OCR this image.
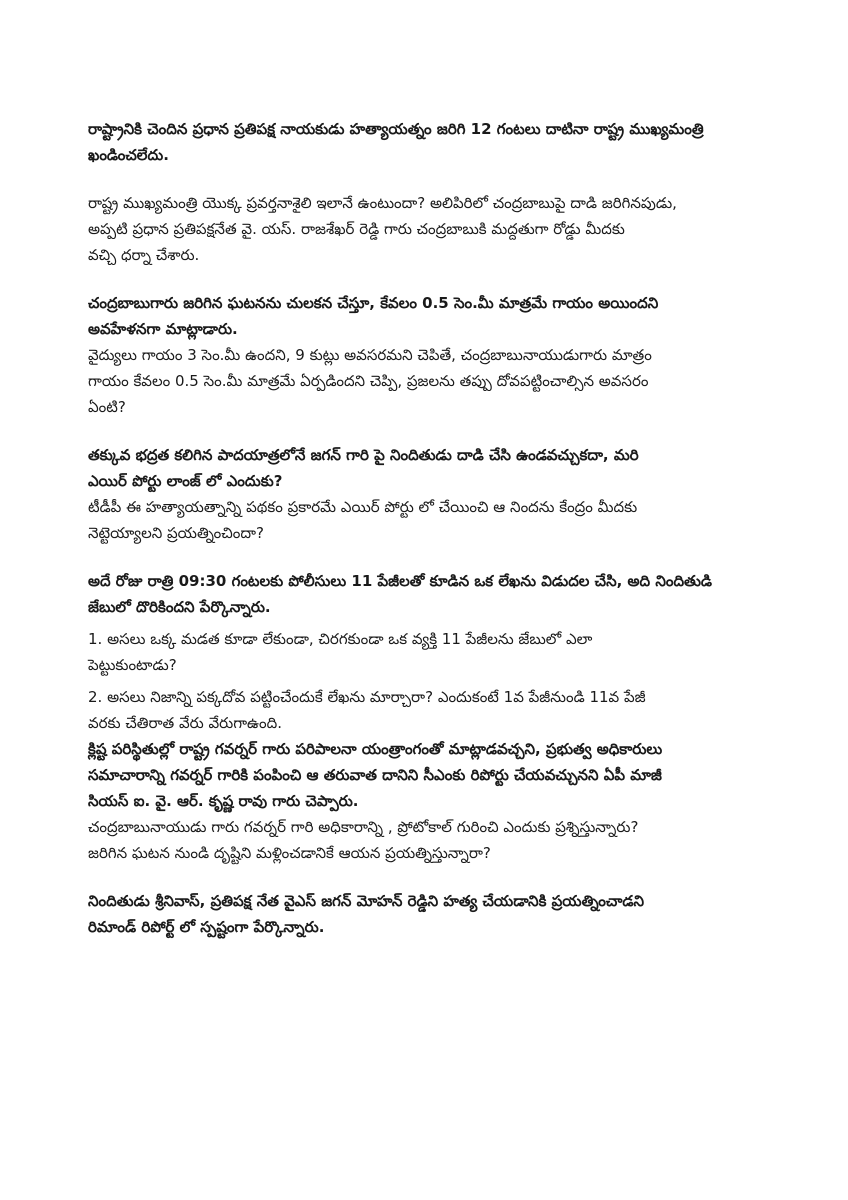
రాష్ట్రానికి చెందిన ప్రధాన ప్రతిపక్ష నాయకుడు హత్యాయత్నం జరిగి 12 గంటలు దాటినా రాష్ట్ర ముఖ్యమంత్రి
ఖండించలేదు.
రాష్ట్ర ముఖ్యమంత్రి యొక్క ప్రవర్తనాశైలి ఇలానే ఉంటుందా? అలిపిరిలో చంద్రబాబుపై దాడి జరిగినపుడు,
అప్పటి ప్రధాన ప్రతిపక్షనేత వై. యస్. రాజశేఖర్ రెడ్డి గారు చంద్రబాబుకి మద్దతుగా రోడ్డు మీదకు
వచ్చి ధర్నా చేశారు.
చంద్రబాబుగారు జరిగిన ఘటనను చులకన చేస్తూ, కేవలం 0.5 సెం.మీ మాత్రమే గాయం అయిందని
అవహేళనగా మాట్లాడారు.
వైద్యులు గాయం 3 సెం.మీ ఉందని, 9 కుట్లు అవసరమని చెపితే, చంద్రబాబునాయుడుగారు మాత్రం
గాయం కేవలం 0.5 సెం.మీ మాత్రమే ఏర్పడిందని చెప్పి, ప్రజలను తప్పు దోవపట్టించాల్సిన అవసరం
ఏంటి?
తక్కువ భద్రత కలిగిన పాదయాత్రలోనే జగన్ గారి పై నిందితుడు దాడి చేసి ఉండవచ్చుకదా, మరి
ఎయిర్ పోర్టు లాంజ్ లో ఎందుకు?
టీడీపీ ఈ హత్యాయత్నాన్ని పథకం ప్రకారమే ఎయిర్ పోర్టు లో చేయించి ఆ నిందను కేంద్రం మీదకు
నెట్టెయ్యాలని ప్రయత్నించిందా?
అదే రోజు రాత్రి 09:30 గంటలకు పోలీసులు 11 పేజీలతో కూడిన ఒక లేఖను విడుదల చేసి, అది నిందితుడి
జేబులో దొరికిందని పేర్కొన్నారు.
1. అసలు ఒక్క మడత కూడా లేకుండా, చిరగకుండా ఒక వ్యక్తి 11 పేజీలను జేబులో ఎలా
పెట్టుకుంటాడు?
2. అసలు నిజాన్ని పక్కదోవ పట్టించేందుకే లేఖను మార్చారా? ఎందుకంటే 1వ పేజీనుండి 11వ పేజీ
వరకు చేతిరాత వేరు వేరుగాఉంది.
క్లిష్ట పరిస్థితుల్లో రాష్ట్ర గవర్నర్ గారు పరిపాలనా యంత్రాంగంతో మాట్లాడవచ్చని, ప్రభుత్వ అధికారులు
సమాచారాన్ని గవర్నర్ గారికి పంపించి ఆ తరువాత దానిని సీఎంకు రిపోర్టు చేయవచ్చునని ఏపీ మాజీ
సియస్ ఐ. వై. ఆర్. కృష్ణ రావు గారు చెప్పారు.
చంద్రబాబునాయుడు గారు గవర్నర్ గారి అధికారాన్ని , ప్రోటోకాల్ గురించి ఎందుకు ప్రశ్నిస్తున్నారు?
జరిగిన ఘటన నుండి దృష్టిని మళ్లించడానికే ఆయన ప్రయత్నిస్తున్నారా?
నిందితుడు శ్రీనివాస్, ప్రతిపక్ష నేత వైఎస్ జగన్ మోహన్ రెడ్డిని హత్య చేయడానికి ప్రయత్నించాడని
రిమాండ్ రిపోర్ట్ లో స్పష్టంగా పేర్కొన్నారు.
